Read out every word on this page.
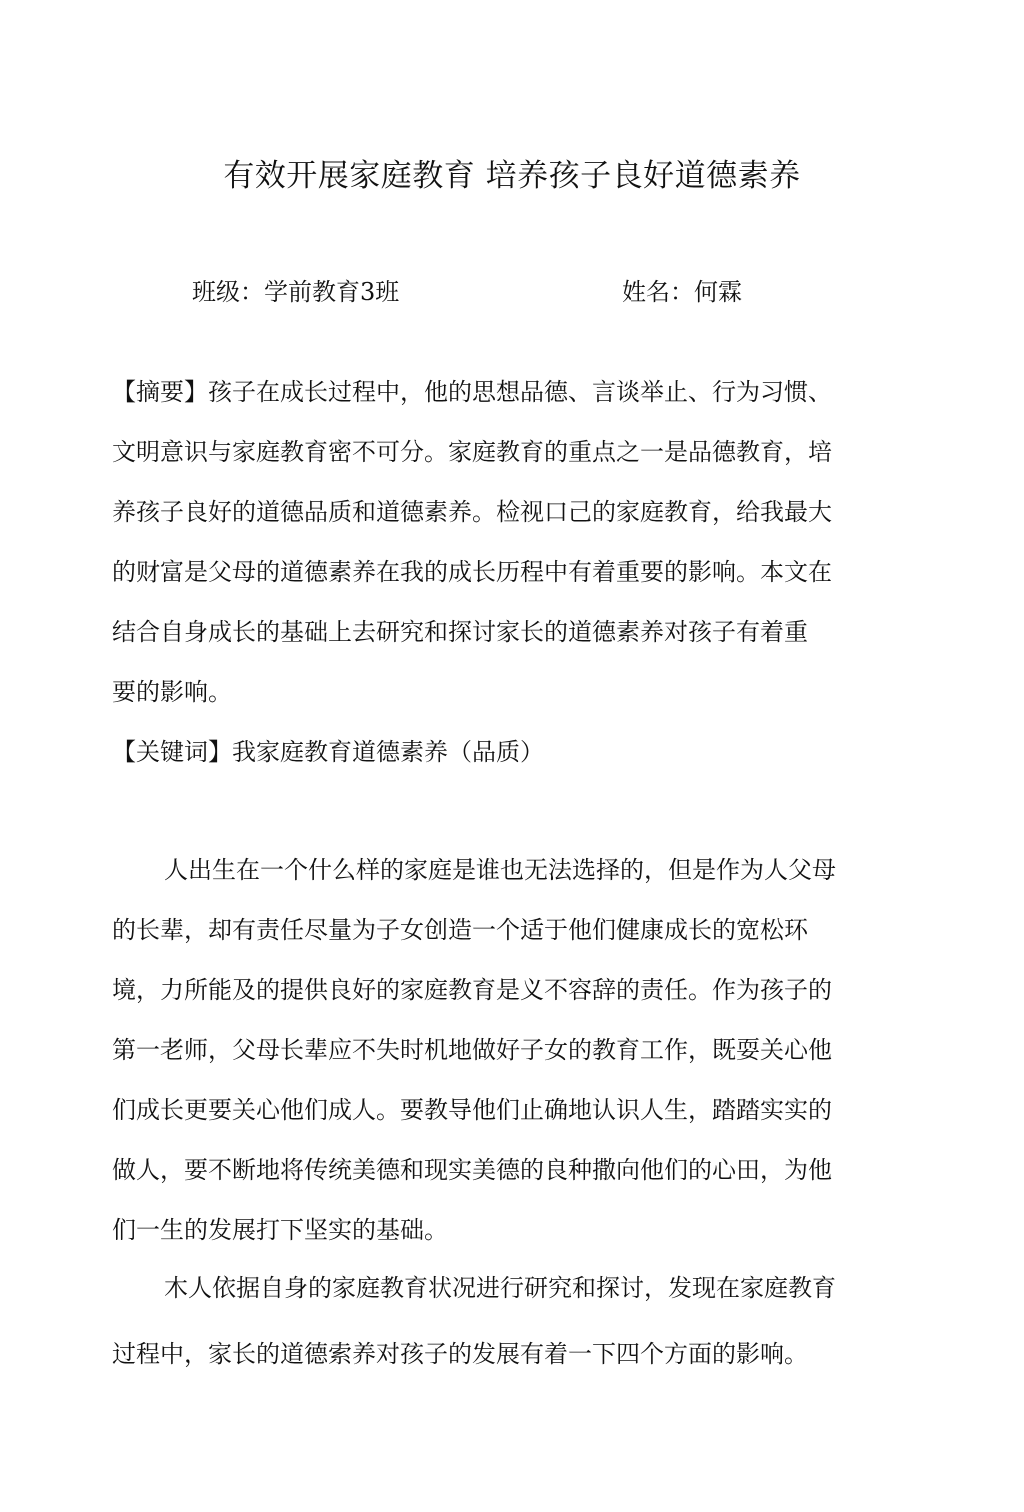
有效开展家庭教育 培养孩子良好道德素养
班级：学前教育3班	姓名：何霖

【摘要】孩子在成长过程中，他的思想品德、言谈举止、行为习惯、

文明意识与家庭教育密不可分。家庭教育的重点之一是品德教育，培

养孩子良好的道德品质和道德素养。检视口己的家庭教育，给我最大

的财富是父母的道德素养在我的成长历程中有着重要的影响。本文在

结合自身成长的基础上去研究和探讨家长的道德素养对孩子有着重

要的影响。

【关键词】我家庭教育道德素养（品质）

人出生在一个什么样的家庭是谁也无法选择的，但是作为人父母

的长辈，却有责任尽量为子女创造一个适于他们健康成长的宽松环

境，力所能及的提供良好的家庭教育是义不容辞的责任。作为孩子的

第一老师，父母长辈应不失时机地做好子女的教育工作，既耍关心他

们成长更要关心他们成人。要教导他们止确地认识人生，踏踏实实的

做人，要不断地将传统美德和现实美德的良种撒向他们的心田，为他

们一生的发展打下坚实的基础。

木人依据自身的家庭教育状况进行研究和探讨，发现在家庭教育

过程中，家长的道德索养对孩子的发展有着一下四个方面的影响。
